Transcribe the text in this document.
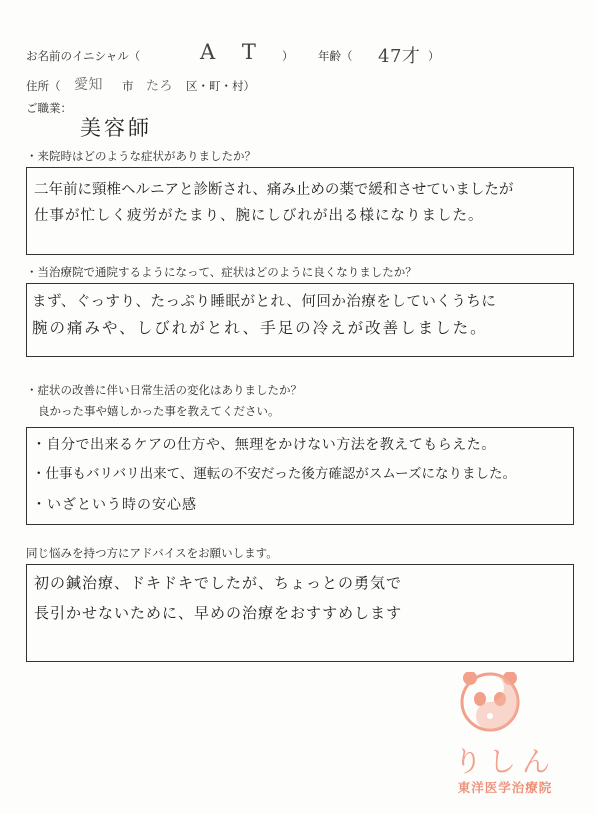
お名前のイニシャル（	A T ） 年齢（ 47才 ）
住所（ 愛知 市 たろ 区・町・村）
ご職業：
美容師
・来院時はどのような症状がありましたか？
二年前に頸椎ヘルニアと診断され、痛み止めの薬で緩和させていましたが
仕事が忙しく疲労がたまり、腕にしびれが出る様になりました。
・当治療院で通院するようになって、症状はどのように良くなりましたか？
まず、ぐっすり、たっぷり睡眠がとれ、何回か治療をしていくうちに
腕の痛みや、しびれがとれ、手足の冷えが改善しました。
・症状の改善に伴い日常生活の変化はありましたか？
良かった事や嬉しかった事を教えてください。
・自分で出来るケアの仕方や、無理をかけない方法を教えてもらえた。
・仕事もバリバリ出来て、運転の不安だった後方確認がスムーズになりました。
・いざという時の安心感
同じ悩みを持つ方にアドバイスをお願いします。
初の鍼治療、ドキドキでしたが、ちょっとの勇気で
長引かせないために、早めの治療をおすすめします
りしん
東洋医学治療院
